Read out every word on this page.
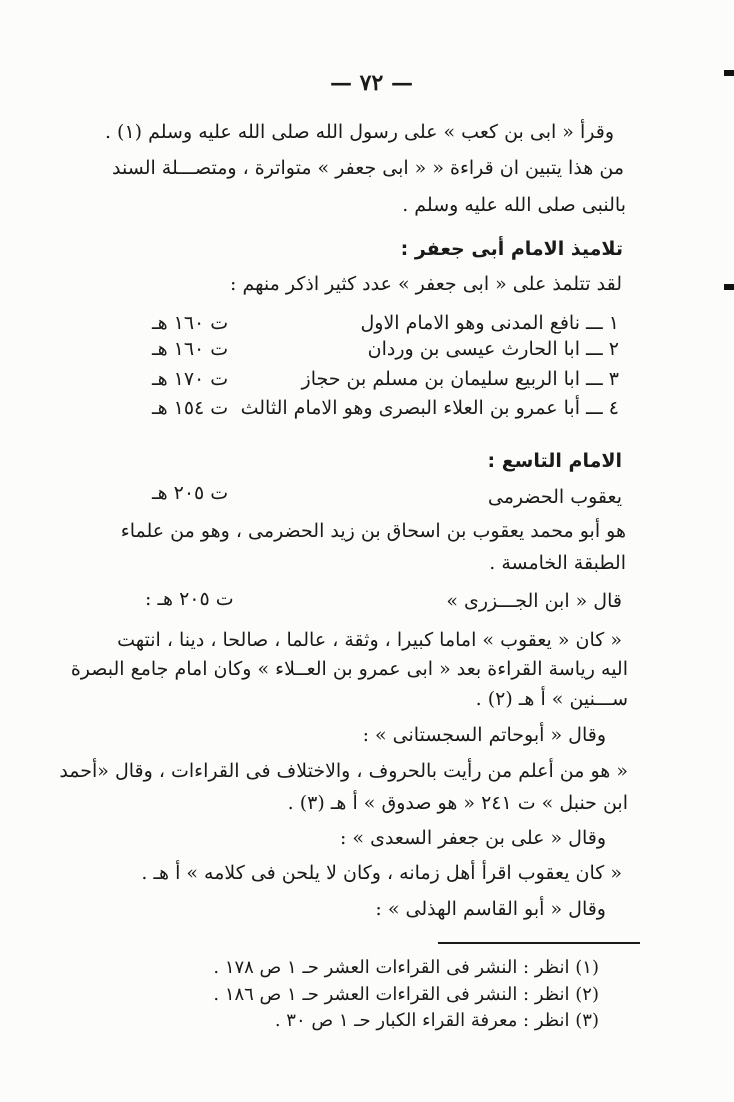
— ٧٢ —
وقرأ « ابى بن كعب » على رسول الله صلى الله عليه وسلم (١) .
من هذا يتبين ان قراءة « « ابى جعفر » متواترة ، ومتصـــلة السند
بالنبى صلى الله عليه وسلم .
تلاميذ الامام أبى جعفر :
لقد تتلمذ على « ابى جعفر » عدد كثير اذكر منهم :
١ ـــ نافع المدنى وهو الامام الاول
ت ١٦٠ هـ
٢ ـــ ابا الحارث عيسى بن وردان
ت ١٦٠ هـ
٣ ـــ ابا الربيع سليمان بن مسلم بن حجاز
ت ١٧٠ هـ
٤ ـــ أبا عمرو بن العلاء البصرى وهو الامام الثالث
ت ١٥٤ هـ
الامام التاسع :
يعقوب الحضرمى
ت ٢٠٥ هـ
هو أبو محمد يعقوب بن اسحاق بن زيد الحضرمى ، وهو من علماء
الطبقة الخامسة .
قال « ابن الجـــزرى »
ت ٢٠٥ هـ :
« كان « يعقوب » اماما كبيرا ، وثقة ، عالما ، صالحا ، دينا ، انتهت
اليه رياسة القراءة بعد « ابى عمرو بن العــلاء » وكان امام جامع البصرة
ســـنين » أ هـ (٢) .
وقال « أبوحاتم السجستانى » :
« هو من أعلم من رأيت بالحروف ، والاختلاف فى القراءات ، وقال «أحمد
ابن حنبل » ت ٢٤١ « هو صدوق » أ هـ (٣) .
وقال « على بن جعفر السعدى » :
« كان يعقوب اقرأ أهل زمانه ، وكان لا يلحن فى كلامه » أ هـ .
وقال « أبو القاسم الهذلى » :
(١) انظر : النشر فى القراءات العشر حـ ١ ص ١٧٨ .
(٢) انظر : النشر فى القراءات العشر حـ ١ ص ١٨٦ .
(٣) انظر : معرفة القراء الكبار حـ ١ ص ٣٠ .
